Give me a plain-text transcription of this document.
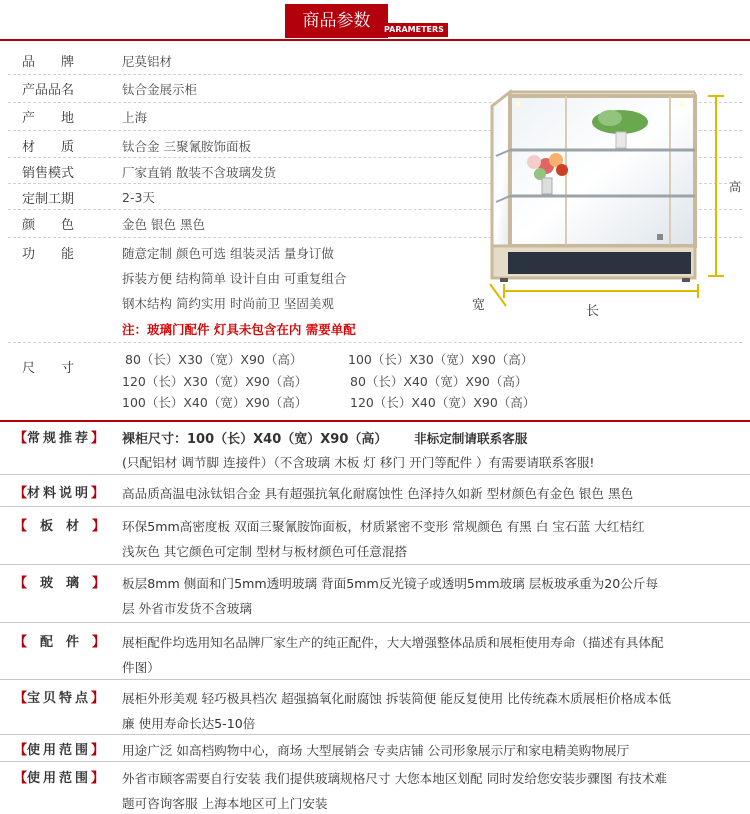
商品参数	PARAMETERS
品　　牌	尼莫铝材
产品品名	钛合金展示柜
产　　地	上海
材　　质	钛合金 三聚氰胺饰面板
销售模式	厂家直销 散装不含玻璃发货
定制工期	2-3天
颜　　色	金色 银色 黑色
功　　能	随意定制 颜色可选 组装灵活 量身订做
拆装方便 结构简单 设计自由 可重复组合
钢木结构 简约实用 时尚前卫 坚固美观
注：玻璃门配件 灯具未包含在内 需要单配
尺　　寸
80（长）X30（宽）X90（高）	100（长）X30（宽）X90（高）
120（长）X30（宽）X90（高）	80（长）X40（宽）X90（高）
100（长）X40（宽）X90（高）	120（长）X40（宽）X90（高）
高
长
宽
【常规推荐】 裸柜尺寸：100（长）X40（宽）X90（高） 非标定制请联系客服
(只配铝材 调节脚 连接件）（不含玻璃 木板 灯 移门 开门等配件 ）有需要请联系客服!
【材料说明】 高品质高温电泳钛铝合金 具有超强抗氧化耐腐蚀性 色泽持久如新 型材颜色有金色 银色 黑色
【 板　材 】 环保5mm高密度板 双面三聚氰胺饰面板，材质紧密不变形 常规颜色 有黑 白 宝石蓝 大红桔红
浅灰色 其它颜色可定制 型材与板材颜色可任意混搭
【 玻　璃 】 板层8mm 侧面和门5mm透明玻璃 背面5mm反光镜子或透明5mm玻璃 层板玻承重为20公斤每
层 外省市发货不含玻璃
【 配　件 】 展柜配件均选用知名品牌厂家生产的纯正配件，大大增强整体品质和展柜使用寿命（描述有具体配
件图）
【宝贝特点】 展柜外形美观 轻巧极具档次 超强搞氧化耐腐蚀 拆装简便 能反复使用 比传统森木质展柜价格成本低
廉 使用寿命长达5-10倍
【使用范围】 用途广泛 如高档购物中心，商场 大型展销会 专卖店铺 公司形象展示厅和家电精美购物展厅
【使用范围】 外省市顾客需要自行安装 我们提供玻璃规格尺寸 大您本地区划配 同时发给您安装步骤图 有技术难
题可咨询客服 上海本地区可上门安装
